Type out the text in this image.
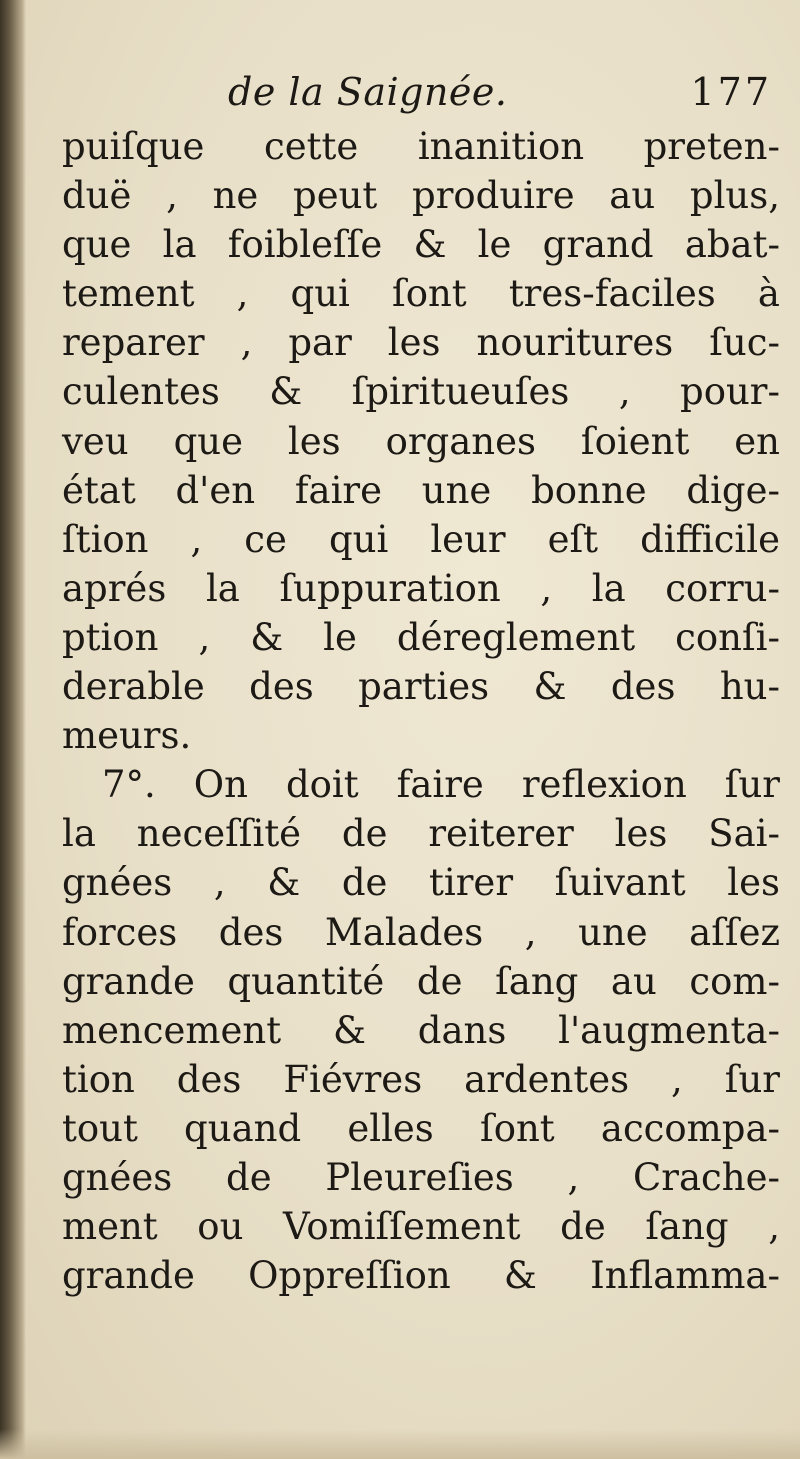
de la Saignée.	177
puiſque cette inanition preten-
duë , ne peut produire au plus,
que la foibleſſe & le grand abat-
tement , qui ſont tres-faciles à
reparer , par les nouritures ſuc-
culentes & ſpiritueuſes , pour-
veu que les organes ſoient en
état d'en faire une bonne dige-
ſtion , ce qui leur eſt difficile
aprés la ſuppuration , la corru-
ption , & le déreglement conſi-
derable des parties & des hu-
meurs.
7°. On doit faire reflexion ſur
la neceſſité de reiterer les Sai-
gnées , & de tirer ſuivant les
forces des Malades , une aſſez
grande quantité de ſang au com-
mencement & dans l'augmenta-
tion des Fiévres ardentes , ſur
tout quand elles ſont accompa-
gnées de Pleureſies , Crache-
ment ou Vomiſſement de ſang ,
grande Oppreſſion & Inflamma-
